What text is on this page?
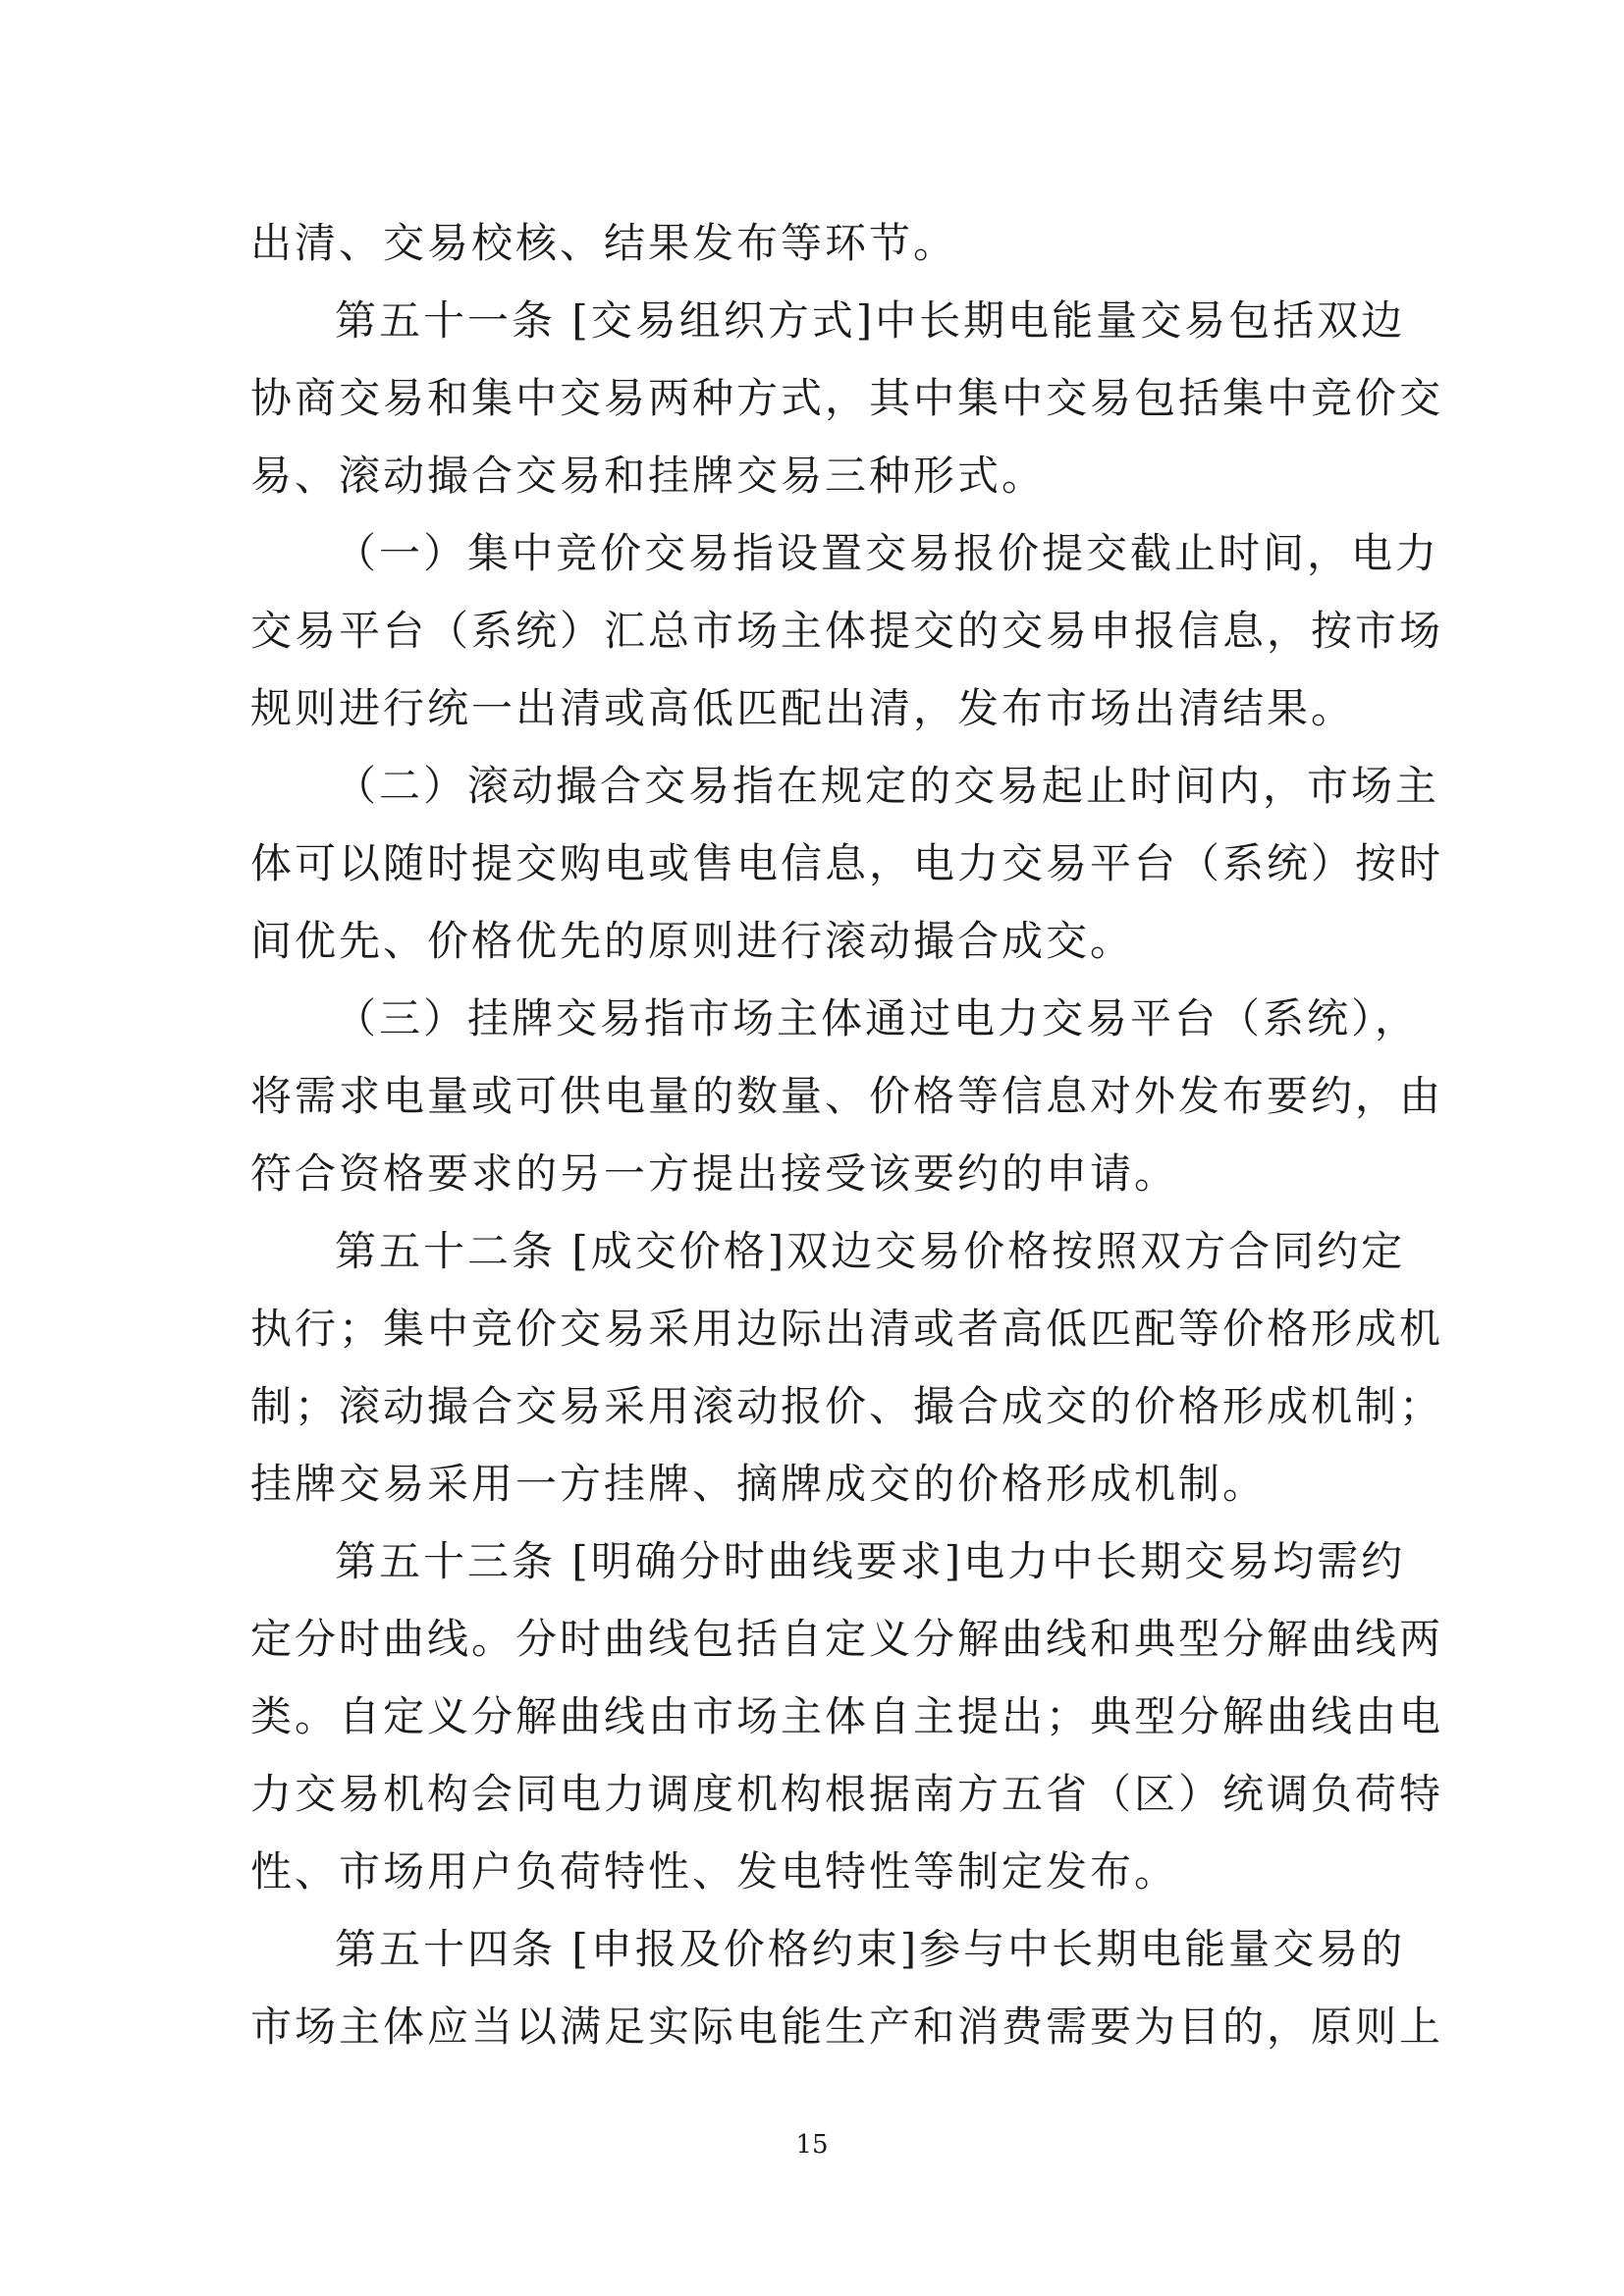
出清、交易校核、结果发布等环节。
第五十一条 [交易组织方式]中长期电能量交易包括双边
协商交易和集中交易两种方式，其中集中交易包括集中竞价交
易、滚动撮合交易和挂牌交易三种形式。
（一）集中竞价交易指设置交易报价提交截止时间，电力
交易平台（系统）汇总市场主体提交的交易申报信息，按市场
规则进行统一出清或高低匹配出清，发布市场出清结果。
（二）滚动撮合交易指在规定的交易起止时间内，市场主
体可以随时提交购电或售电信息，电力交易平台（系统）按时
间优先、价格优先的原则进行滚动撮合成交。
（三）挂牌交易指市场主体通过电力交易平台（系统），
将需求电量或可供电量的数量、价格等信息对外发布要约，由
符合资格要求的另一方提出接受该要约的申请。
第五十二条 [成交价格]双边交易价格按照双方合同约定
执行；集中竞价交易采用边际出清或者高低匹配等价格形成机
制；滚动撮合交易采用滚动报价、撮合成交的价格形成机制；
挂牌交易采用一方挂牌、摘牌成交的价格形成机制。
第五十三条 [明确分时曲线要求]电力中长期交易均需约
定分时曲线。分时曲线包括自定义分解曲线和典型分解曲线两
类。自定义分解曲线由市场主体自主提出；典型分解曲线由电
力交易机构会同电力调度机构根据南方五省（区）统调负荷特
性、市场用户负荷特性、发电特性等制定发布。
第五十四条 [申报及价格约束]参与中长期电能量交易的
市场主体应当以满足实际电能生产和消费需要为目的，原则上
15
